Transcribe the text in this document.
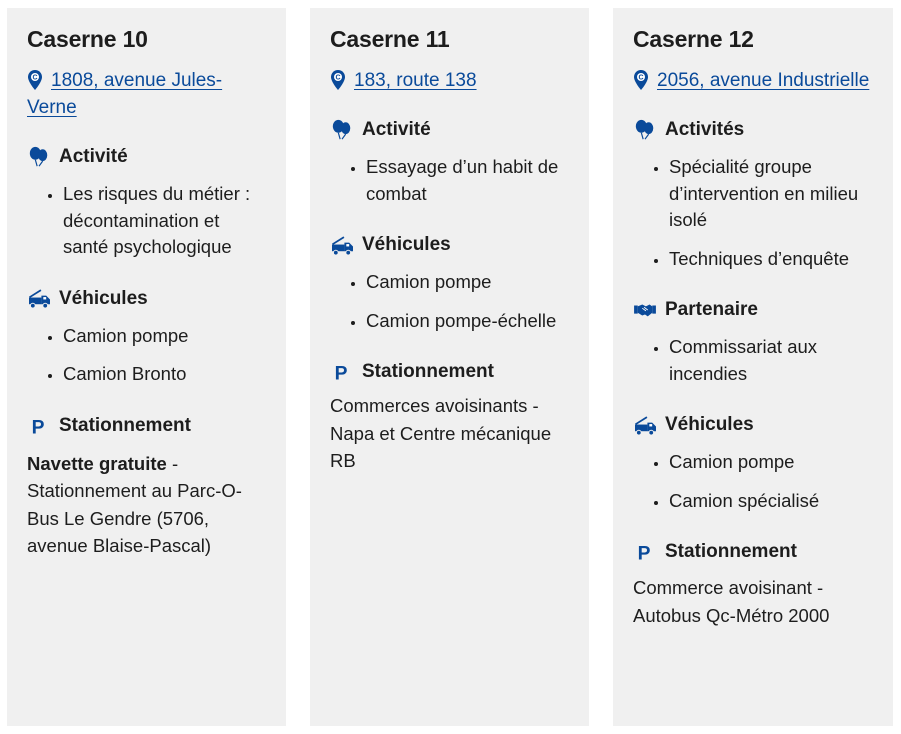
Caserne 10
C 1808, avenue Jules-Verne
Activité
• Les risques du métier : décontamination et santé psychologique
Véhicules
• Camion pompe
• Camion Bronto
P Stationnement
Navette gratuite - Stationnement au Parc-O-Bus Le Gendre (5706, avenue Blaise-Pascal)
Caserne 11
C 183, route 138
Activité
• Essayage d’un habit de combat
Véhicules
• Camion pompe
• Camion pompe-échelle
P Stationnement
Commerces avoisinants - Napa et Centre mécanique RB
Caserne 12
C 2056, avenue Industrielle
Activités
• Spécialité groupe d’intervention en milieu isolé
• Techniques d’enquête
Partenaire
• Commissariat aux incendies
Véhicules
• Camion pompe
• Camion spécialisé
P Stationnement
Commerce avoisinant - Autobus Qc-Métro 2000
